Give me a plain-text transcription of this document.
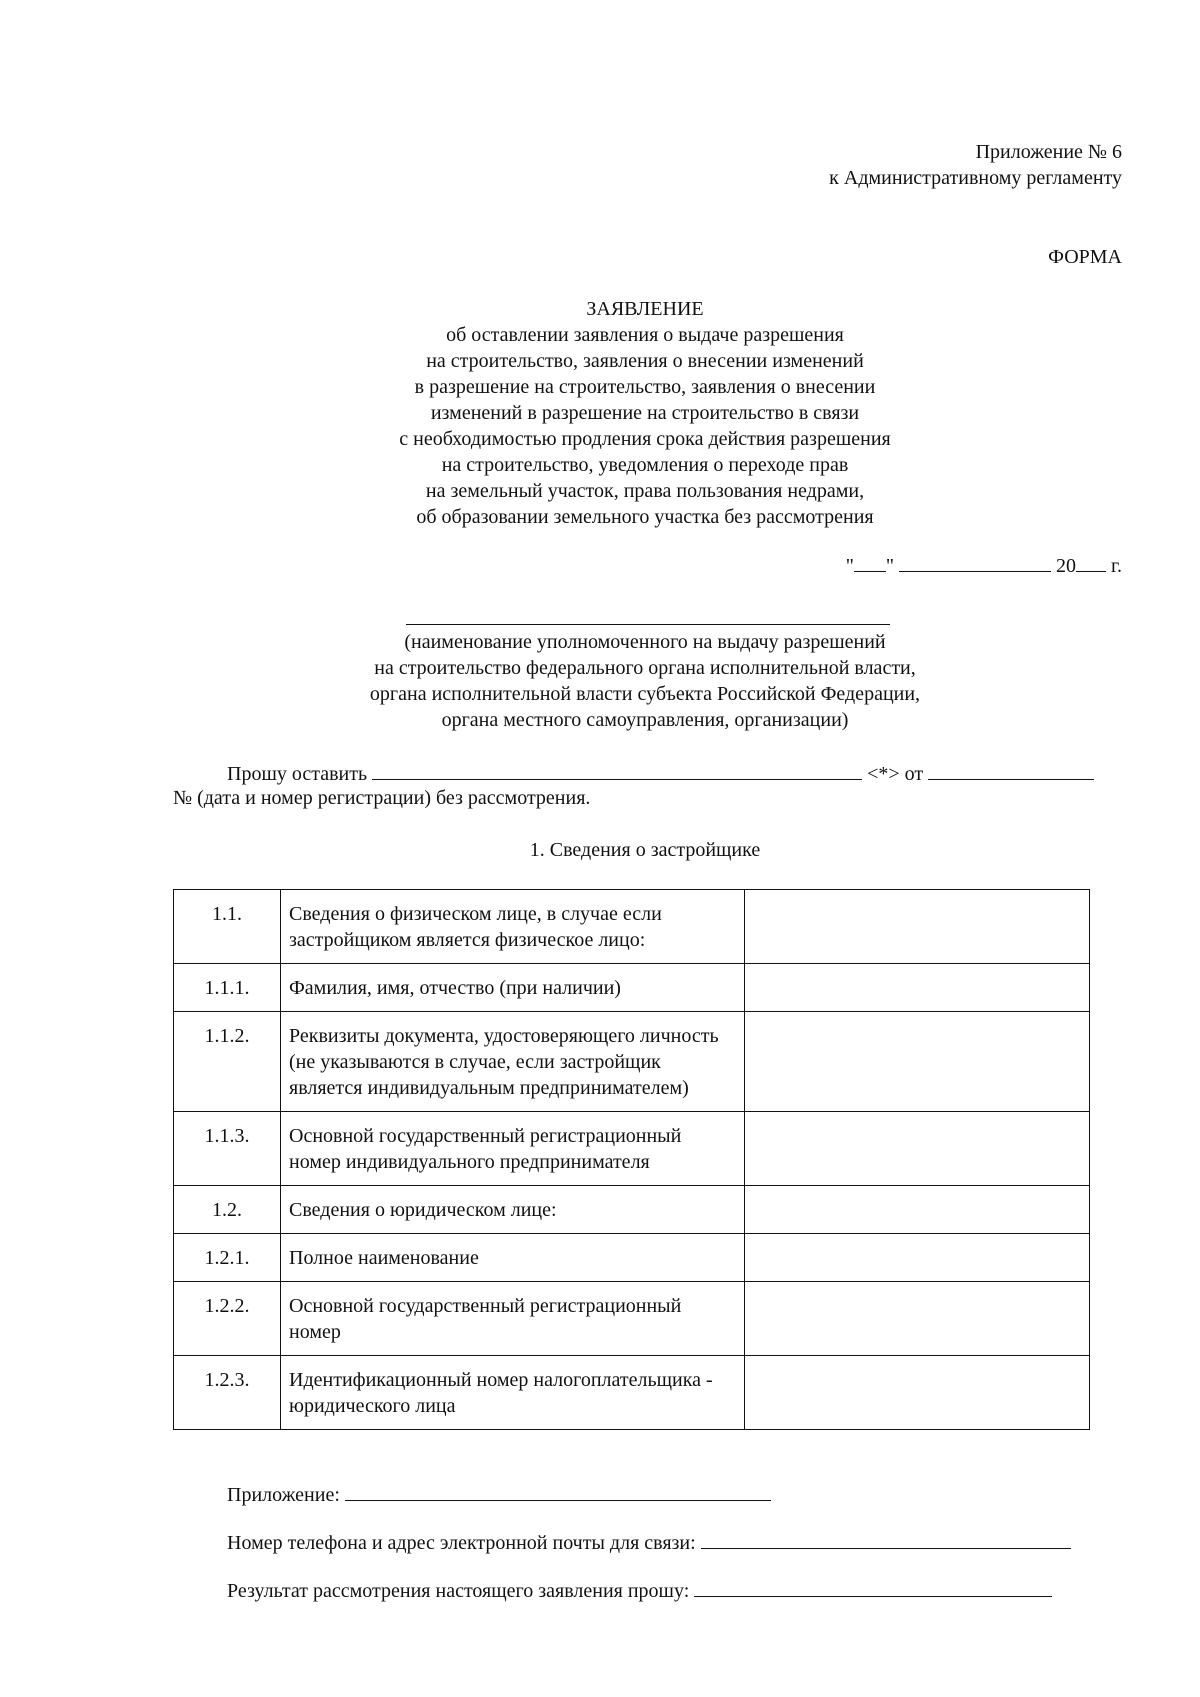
Приложение № 6
к Административному регламенту
ФОРМА
ЗАЯВЛЕНИЕ
об оставлении заявления о выдаче разрешения
на строительство, заявления о внесении изменений
в разрешение на строительство, заявления о внесении
изменений в разрешение на строительство в связи
с необходимостью продления срока действия разрешения
на строительство, уведомления о переходе прав
на земельный участок, права пользования недрами,
об образовании земельного участка без рассмотрения
" "	20 г.
(наименование уполномоченного на выдачу разрешений
на строительство федерального органа исполнительной власти,
органа исполнительной власти субъекта Российской Федерации,
органа местного самоуправления, организации)
Прошу оставить	<*> от
№ (дата и номер регистрации) без рассмотрения.
1. Сведения о застройщике
1.1.	Сведения о физическом лице, в случае если застройщиком является физическое лицо:	
1.1.1.	Фамилия, имя, отчество (при наличии)	
1.1.2.	Реквизиты документа, удостоверяющего личность (не указываются в случае, если застройщик является индивидуальным предпринимателем)	
1.1.3.	Основной государственный регистрационный номер индивидуального предпринимателя	
1.2.	Сведения о юридическом лице:	
1.2.1.	Полное наименование	
1.2.2.	Основной государственный регистрационный номер	
1.2.3.	Идентификационный номер налогоплательщика - юридического лица	
Приложение:
Номер телефона и адрес электронной почты для связи:
Результат рассмотрения настоящего заявления прошу:
